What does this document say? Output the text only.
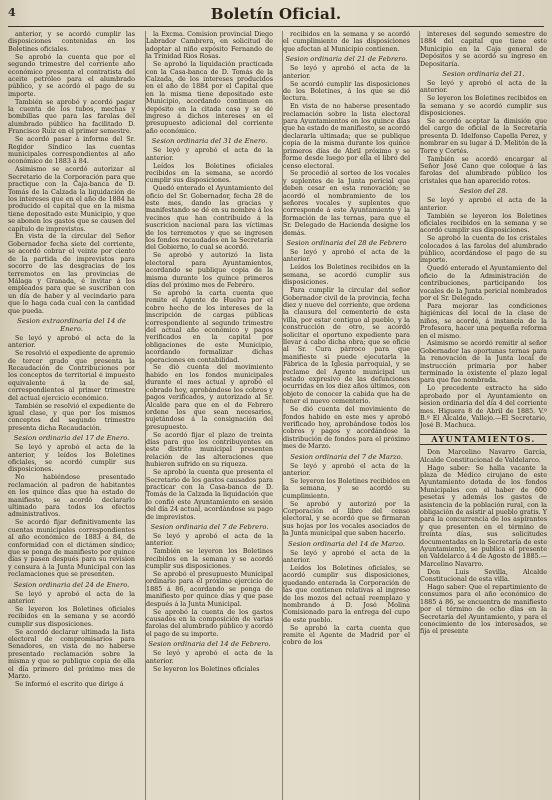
4	Boletín Oficial.

anterior, y se acordó cumplir las disposiciones contenidas en los Boletines oficiales.

Se aprobó la cuenta que por el segundo trimestre del corriente año económico presenta el contratista del aceite petróleo para el alumbrado público, y se acordó el pago de su importe.

También se aprobó y acordó pagar la cuenta de los tubos, mechas y bombillas que para las farolas del alumbrado público ha facilitado D. Francisco Ruiz en el primer semestre.

Se acordó pasar á informe del Sr. Regidor Síndico las cuentas municipales correspondientes al año económico de 1883 á 84.

Asimismo se acordó autorizar al Secretario de la Corporación para que practique con la Caja-banca de D. Tomás de la Calzada la liquidación de los intereses que en el año de 1884 ha producido el capital que en la misma tiene depositado este Municipio, y que se abonen los gastos que se causen del capítulo de imprevistos.

En vista de la circular del Señor Gobernador fecha siete del corriente, se acordó cobrar el veinte por ciento de la partida de imprevistos para socorro de las desgracias de los terremotos en las provincias de Málaga y Granada, é invitar á los empleados para que se suscriban con un día de haber y al vecindario para que lo haga cada cual con la cantidad que pueda.

Sesion extraordinaria del 14 de Enero.

Se leyó y aprobó el acta de la anterior.

Se resolvió el expediente de apremio de tercer grado que presenta la Recaudación de Contribuciones por los conceptos de territorial é impuesto equivalente á la de sal, correspondientes al primer trimestre del actual ejercicio económico.

También se resolvió el expediente de igual clase, y que por los mismos conceptos del segundo trimestre presenta dicha Recaudación.

Sesion ordinaria del 17 de Enero.

Se leyó y aprobó el acta de la anterior, y leídos los Boletines oficiales, se acordó cumplir sus disposiciones.

No habiéndose presentado reclamación al padron de habitantes en los quince días que ha estado de manifiesto, se acordó declararlo ultimado para todos los efectos administrativos.

Se acordó fijar definitivamente las cuentas municipales correspondientes al año económico de 1883 á 84, de conformidad con el dictámen síndico; que se ponga de manifiesto por quince días y pasen después para su revision y censura á la Junta Municipal con las reclamaciones que se presenten.

Sesion ordinaria del 24 de Enero.

Se leyó y aprobó el acta de la anterior.

Se leyeron los Boletines oficiales recibidos en la semana y se acordó cumplir sus disposiciones.

Se acordó declarar ultimada la lista electoral de compromisarios para Senadores, en vista de no haberse presentado reclamación sobre la misma y que se publique copia de ella el día primero del próximo mes de Marzo.

Se informó el escrito que dirige á

la Excma. Comision provincial Diego Labrador Cambrera, en solicitud de adoptar al niño expósito Fernando de la Trinidad Rios Rosas.

Se aprobó la liquidación practicada con la Casa-banca de D. Tomás de la Calzada, de los intereses producidos en el año de 1884 por el Capital que en la misma tiene depositado este Municipio, acordando continuen en depósito en la citada casa y se dé ingreso á dichos intereses en el presupuesto adicional del corriente año económico.

Sesion ordinaria del 31 de Enero.

Se leyó y aprobó el acta de la anterior.

Leídos los Boletines oficiales recibidos en la semana, se acordó cumplir sus disposiciones.

Quedó enterado el Ayuntamiento del oficio del Sr. Gobernador, fecha 28 de este mes, dando las gracias y manifestando se dé en su nombre á los vecinos que han contribuido á la suscricion nacional para las víctimas de los terremotos y que se ingresen los fondos recaudados en la Secretaría del Gobierno, lo cual se acordó.

Se aprobó y autorizó la lista electoral para Ayuntamientos, acordando se publique copia de la misma durante los quince primeros días del próximo mes de Febrero.

Se aprobó la carta cuenta que remite el Agente de Huelva por el cobro hecho de los intereses de la inscripción de cargas públicas correspondiente al segundo trimestre del actual año económico y pagos verificados en la capital por obligaciones de este Municipio, acordando formalizar dichas operaciones en contabilidad.

Se dió cuenta del movimiento habido en los fondos municipales durante el mes actual y aprobó el cobrado hoy, aprobándose los cobros y pagos verificados, y autorizado al Sr. Alcalde para que en el de Febrero ordene los que sean necesarios, sujetándose á la consignación del presupuesto.

Se acordó fijar el plazo de treinta días para que los contribuyentes en este distrito municipal presenten relación de las alteraciones que hubieren sufrido en su riqueza.

Se aprobó la cuenta que presenta el Secretario de los gastos causados para practicar con la Casa-banca de D. Tomás de la Calzada la liquidación que lo confió este Ayuntamiento en sesión del día 24 actual, acordándose su pago de imprevistos.

Sesion ordinaria del 7 de Febrero.

Se leyó y aprobó el acta de la anterior.

También se leyeron los Boletines recibidos en la semana y se acordó cumplir sus disposiciones.

Se aprobó el presupuesto Municipal ordinario para el próximo ejercicio de 1885 á 86, acordando se ponga de manifiesto por quince días y que pase después á la Junta Municipal.

Se aprobó la cuenta de los gastos causados en la composición de varias farolas del alumbrado público y acordó el pago de su importe.

Sesion ordinaria del 14 de Febrero.

Se leyó y aprobó el acta de la anterior.

Se leyeron los Boletines oficiales

recibidos en la semana y se acordó el cumplimiento de las disposiciones que afectan al Municipio contienen.

Sesion ordinaria del 21 de Febrero.

Se leyó y aprobó el acta de la anterior.

Se acordó cumplir las disposiciones de los Boletines, á los que se dió lectura.

En vista de no haberse presentado reclamación sobre la lista electoral para Ayuntamientos en los quince días que ha estado de manifiesto, se acordó declararla ultimada; que se publique copia de la misma durante los quince primeros días de Abril próximo y se forme desde luego por ella el libro del censo electoral.

Se procedió al sorteo de los vocales y suplentes de la Junta pericial que deben cesar en esta renovación; se acordó el nombramiento de los señores vocales y suplentes que corresponde á este Ayuntamiento y la formación de las ternas, para que el Sr. Delegado de Hacienda designe los demás.

Sesion ordinaria del 28 de Febrero

Se leyó y aprobó el acta de la anterior.

Leídos los Boletines recibidos en la semana, se acordó cumplir sus disposiciones.

Para cumplir la circular del señor Gobernador civil de la provincia, fecha diez y nueve del corriente, que ordena la clausura del cementerio de esta villa, por estar contiguo al pueblo, y la construcción de otro, se acordó solicitar el oportuno expediente para llevar á cabo dicha obra; que se oficie al Sr. Cura párroco para que manifieste si puede ejecutarla la Fábrica de la Iglesia parroquial, y se reclame del Agente municipal un estado expresivo de las defunciones ocurridas en los diez años últimos, con objeto de conocer la cabida que ha de tener el nuevo cementerio.

Se dió cuenta del movimiento de fondos habido en este mes y aprobó verificado hoy, aprobándose todos los cobros y pagos y acordándose la distribución de fondos para el próximo mes de Marzo.

Sesion ordinaria del 7 de Marzo.

Se leyó y aprobó el acta de la anterior.

Se leyeron los Boletines recibidos en la semana, y se acordó su cumplimiento.

Se aprobó y autorizó por la Corporación el libro del censo electoral, y se acordó que se firmaran sus hojas por los vocales asociados de la Junta municipal que saben hacerlo.

Sesion ordinaria del 14 de Marzo.

Se leyó y aprobó el acta de la anterior.

Leídos los Boletines oficiales, se acordó cumplir sus disposiciones, quedando enterada la Corporación de las que contienen relativas al ingreso de los mozos del actual reemplazo y nombrando á D. José Molina Comisionado para la entrega del cupo de este pueblo.

Se aprobó la carta cuenta que remite el Agente de Madrid por el cobro de los

intereses del segundo semestre de 1884 del capital que tiene este Municipio en la Caja general de Depósitos y se acordó su ingreso en Depositaría.

Sesion ordinaria del 21.

Se leyó y aprobó el acta de la anterior.

Se leyeron los Boletines recibidos en la semana y se acordó cumplir sus disposiciones.

Se acordó aceptar la dimisión que del cargo de oficial de la Secretaría presenta D. Idelfonso Capella Perez, y nombrar en su lugar á D. Melitón de la Torre y Cortés.

También se acordó encargar al Señor José Cano que coloque á las farolas del alumbrado público los cristales que han aparecido rotos.

Sesion del 28.

Se leyó y aprobó el acta de la anterior.

También se leyeron los Boletines oficiales recibidos en la semana y se acordó cumplir sus disposiciones.

Se aprobó la cuenta de los cristales colocados á las farolas del alumbrado público, acordándose el pago de su importe.

Quedó enterado el Ayuntamiento del oficio de la Administración de contribuciones, participando los vocales de la Junta pericial nombrados por el Sr. Delegado.

Para mejorar las condiciones higiénicas del local de la clase de niños, se acordó, á instancia de la Profesora, hacer una pequeña reforma en el mismo.

Asimismo se acordó remitir al señor Gobernador las oportunas ternas para la renovación de la Junta local de instrucción primaria por haber terminado la existente el plazo legal para que fue nombrada.

Lo precedente extracto ha sido aprobado por el Ayuntamiento en sesion ordinaria del día 4 del corriente mes. Higuera 8 de Abril de 1885. V.º B.º El Alcalde, Vallejo.—El Secretario, José B. Machuca.

AYUNTAMIENTOS.

Don Marcelino Navarro García, Alcalde Constitucional de Valdelarco.

Hago saber: Se halla vacante la plaza de Médico cirujano de este Ayuntamiento dotada de los fondos Municipales con el haber de 600 pesetas y además los gastos de asistencia de la población rural, con la obligación de asistir al pueblo gratis. Y para la concurrencia de los aspirantes y que presenten en el término de treinta días, sus solicitudes documentadas en la Secretaría de este Ayuntamiento, se publica el presente en Valdelarco á 4 de Agosto de 1885.—Marcelino Navarro.

Don Luis Sevilla, Alcalde Constitucional de esta villa.

Hago saber: Que el repartimiento de consumos para el año económico de 1885 á 86, se encuentra de manifiesto por el término de ocho días en la Secretaría del Ayuntamiento, y para el conocimiento de los interesados, se fija el presente
